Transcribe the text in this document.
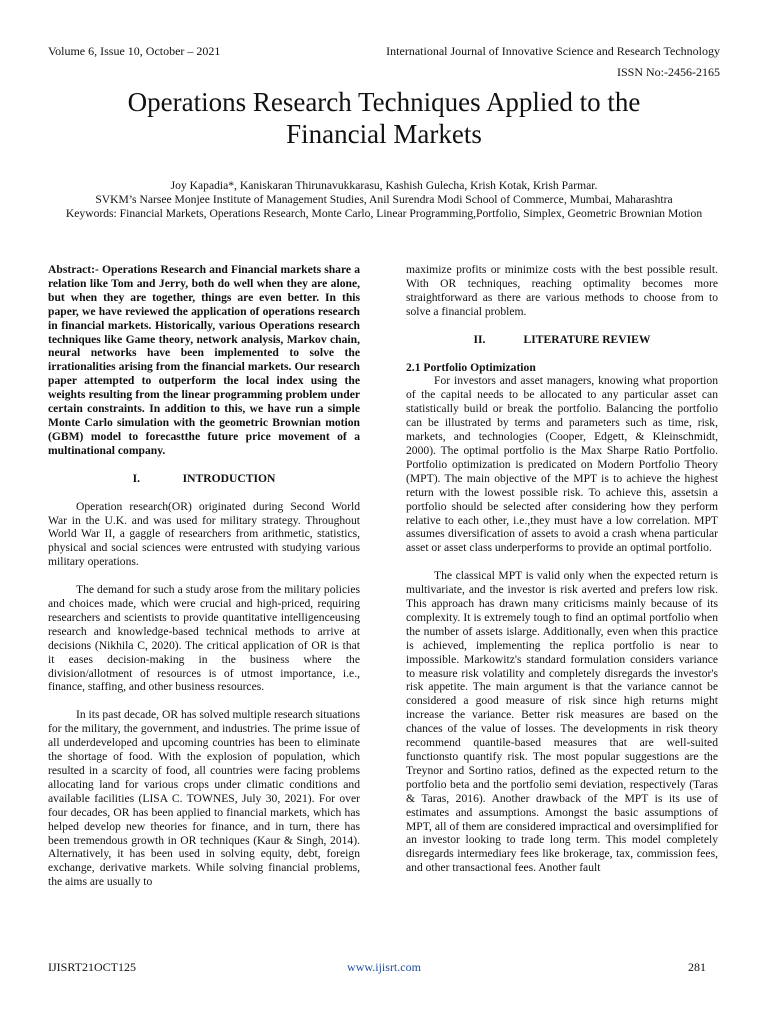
Volume 6, Issue 10, October – 2021	International Journal of Innovative Science and Research Technology
ISSN No:-2456-2165
Operations Research Techniques Applied to the
Financial Markets
Joy Kapadia*, Kaniskaran Thirunavukkarasu, Kashish Gulecha, Krish Kotak, Krish Parmar.
SVKM’s Narsee Monjee Institute of Management Studies, Anil Surendra Modi School of Commerce, Mumbai, Maharashtra
Keywords: Financial Markets, Operations Research, Monte Carlo, Linear Programming,Portfolio, Simplex, Geometric Brownian Motion
Abstract:- Operations Research and Financial markets share a relation like Tom and Jerry, both do well when they are alone, but when they are together, things are even better. In this paper, we have reviewed the application of operations research in financial markets. Historically, various Operations research techniques like Game theory, network analysis, Markov chain, neural networks have been implemented to solve the irrationalities arising from the financial markets. Our research paper attempted to outperform the local index using the weights resulting from the linear programming problem under certain constraints. In addition to this, we have run a simple Monte Carlo simulation with the geometric Brownian motion (GBM) model to forecastthe future price movement of a multinational company.
I.	INTRODUCTION

Operation research(OR) originated during Second World War in the U.K. and was used for military strategy. Throughout World War II, a gaggle of researchers from arithmetic, statistics, physical and social sciences were entrusted with studying various military operations.

The demand for such a study arose from the military policies and choices made, which were crucial and high-priced, requiring researchers and scientists to provide quantitative intelligenceusing research and knowledge-based technical methods to arrive at decisions (Nikhila C, 2020). The critical application of OR is that it eases decision-making in the business where the division/allotment of resources is of utmost importance, i.e., finance, staffing, and other business resources.

In its past decade, OR has solved multiple research situations for the military, the government, and industries. The prime issue of all underdeveloped and upcoming countries has been to eliminate the shortage of food. With the explosion of population, which resulted in a scarcity of food, all countries were facing problems allocating land for various crops under climatic conditions and available facilities (LISA C. TOWNES, July 30, 2021). For over four decades, OR has been applied to financial markets, which has helped develop new theories for finance, and in turn, there has been tremendous growth in OR techniques (Kaur & Singh, 2014). Alternatively, it has been used in solving equity, debt, foreign exchange, derivative markets. While solving financial problems, the aims are usually to

maximize profits or minimize costs with the best possible result. With OR techniques, reaching optimality becomes more straightforward as there are various methods to choose from to solve a financial problem.

II.	LITERATURE REVIEW
2.1 Portfolio Optimization

For investors and asset managers, knowing what proportion of the capital needs to be allocated to any particular asset can statistically build or break the portfolio. Balancing the portfolio can be illustrated by terms and parameters such as time, risk, markets, and technologies (Cooper, Edgett, & Kleinschmidt, 2000). The optimal portfolio is the Max Sharpe Ratio Portfolio. Portfolio optimization is predicated on Modern Portfolio Theory (MPT). The main objective of the MPT is to achieve the highest return with the lowest possible risk. To achieve this, assetsin a portfolio should be selected after considering how they perform relative to each other, i.e.,they must have a low correlation. MPT assumes diversification of assets to avoid a crash whena particular asset or asset class underperforms to provide an optimal portfolio.

The classical MPT is valid only when the expected return is multivariate, and the investor is risk averted and prefers low risk. This approach has drawn many criticisms mainly because of its complexity. It is extremely tough to find an optimal portfolio when the number of assets islarge. Additionally, even when this practice is achieved, implementing the replica portfolio is near to impossible. Markowitz's standard formulation considers variance to measure risk volatility and completely disregards the investor's risk appetite. The main argument is that the variance cannot be considered a good measure of risk since high returns might increase the variance. Better risk measures are based on the chances of the value of losses. The developments in risk theory recommend quantile-based measures that are well-suited functionsto quantify risk. The most popular suggestions are the Treynor and Sortino ratios, defined as the expected return to the portfolio beta and the portfolio semi deviation, respectively (Taras & Taras, 2016). Another drawback of the MPT is its use of estimates and assumptions. Amongst the basic assumptions of MPT, all of them are considered impractical and oversimplified for an investor looking to trade long term. This model completely disregards intermediary fees like brokerage, tax, commission fees, and other transactional fees. Another fault

IJISRT21OCT125	www.ijisrt.com	281
